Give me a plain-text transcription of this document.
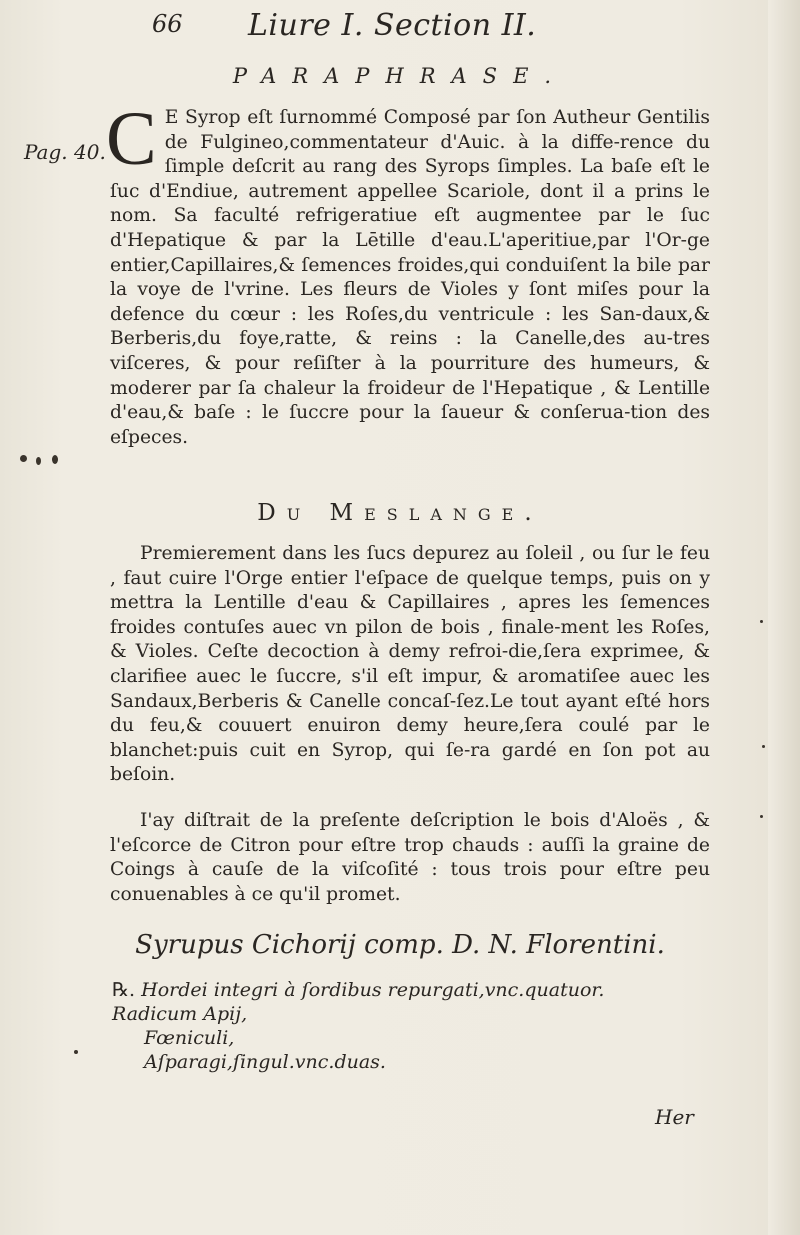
66 Liure I. Section II.
PARAPHRASE.
Pag. 40. C E Syrop eſt ſurnommé Composé par ſon Autheur Gentilis de Fulgineo,commentateur d'Auic. à la diffe-rence du ſimple deſcrit au rang des Syrops ſimples. La baſe eſt le ſuc d'Endiue, autrement appellee Scariole, dont il a prins le nom. Sa faculté refrigeratiue eſt augmentee par le ſuc d'Hepatique & par la Lētille d'eau.L'aperitiue,par l'Or-ge entier,Capillaires,& ſemences froides,qui conduiſent la bile par la voye de l'vrine. Les fleurs de Violes y ſont miſes pour la defence du cœur : les Roſes,du ventricule : les San-daux,& Berberis,du foye,ratte, & reins : la Canelle,des au-tres viſceres, & pour reſiſter à la pourriture des humeurs, & moderer par ſa chaleur la froideur de l'Hepatique , & Lentille d'eau,& baſe : le ſuccre pour la ſaueur & conſerua-tion des eſpeces.
Du Meslange.
Premierement dans les ſucs depurez au ſoleil , ou ſur le feu , faut cuire l'Orge entier l'eſpace de quelque temps, puis on y mettra la Lentille d'eau & Capillaires , apres les ſemences froides contuſes auec vn pilon de bois , finale-ment les Roſes, & Violes. Ceſte decoction à demy refroi-die,ſera exprimee, & clarifiee auec le ſuccre, s'il eſt impur, & aromatiſee auec les Sandaux,Berberis & Canelle concaſ-ſez.Le tout ayant eſté hors du feu,& couuert enuiron demy heure,ſera coulé par le blanchet:puis cuit en Syrop, qui ſe-ra gardé en ſon pot au beſoin.
I'ay diſtrait de la preſente deſcription le bois d'Aloës , & l'eſcorce de Citron pour eſtre trop chauds : auſſi la graine de Coings à cauſe de la viſcoſité : tous trois pour eſtre peu conuenables à ce qu'il promet.
Syrupus Cichorij comp. D. N. Florentini.
℞. Hordei integri à ſordibus repurgati,vnc.quatuor.
Radicum Apij,
Fœniculi,
Aſparagi,ſingul.vnc.duas.
Her
